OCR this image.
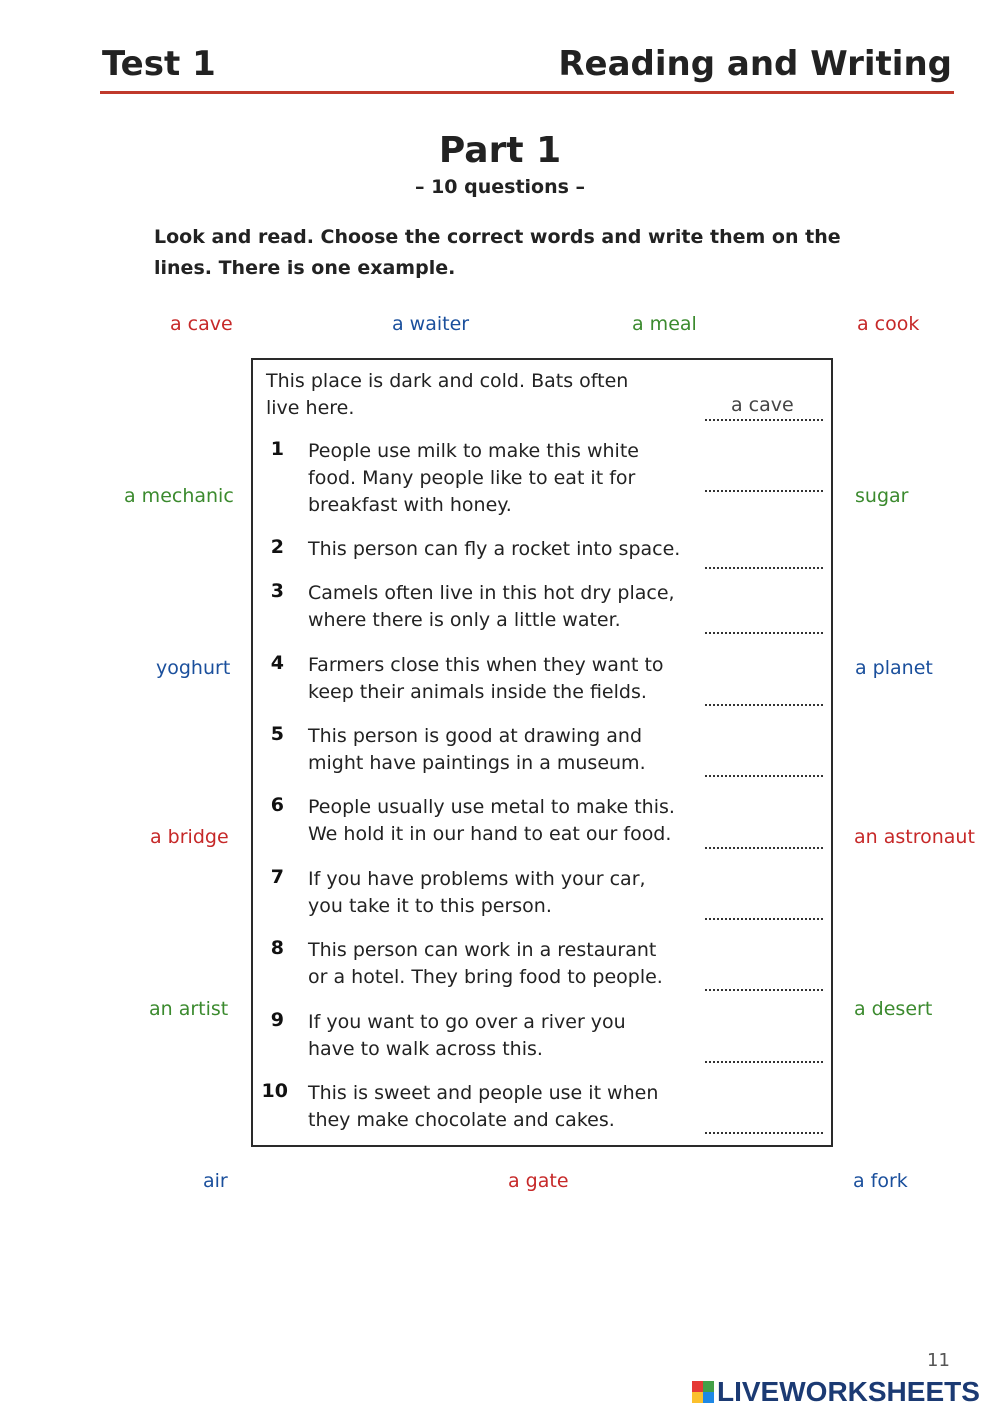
Test 1	Reading and Writing
Part 1
– 10 questions –
Look and read. Choose the correct words and write them on the lines. There is one example.
a cave	a waiter	a meal	a cook
a mechanic	sugar
yoghurt	a planet
a bridge	an astronaut
an artist	a desert
air	a gate	a fork
This place is dark and cold. Bats often
live here.	a cave
1 People use milk to make this white
food. Many people like to eat it for
breakfast with honey.
2 This person can fly a rocket into space.
3 Camels often live in this hot dry place,
where there is only a little water.
4 Farmers close this when they want to
keep their animals inside the fields.
5 This person is good at drawing and
might have paintings in a museum.
6 People usually use metal to make this.
We hold it in our hand to eat our food.
7 If you have problems with your car,
you take it to this person.
8 This person can work in a restaurant
or a hotel. They bring food to people.
9 If you want to go over a river you
have to walk across this.
10 This is sweet and people use it when
they make chocolate and cakes.
11
LIVEWORKSHEETS
